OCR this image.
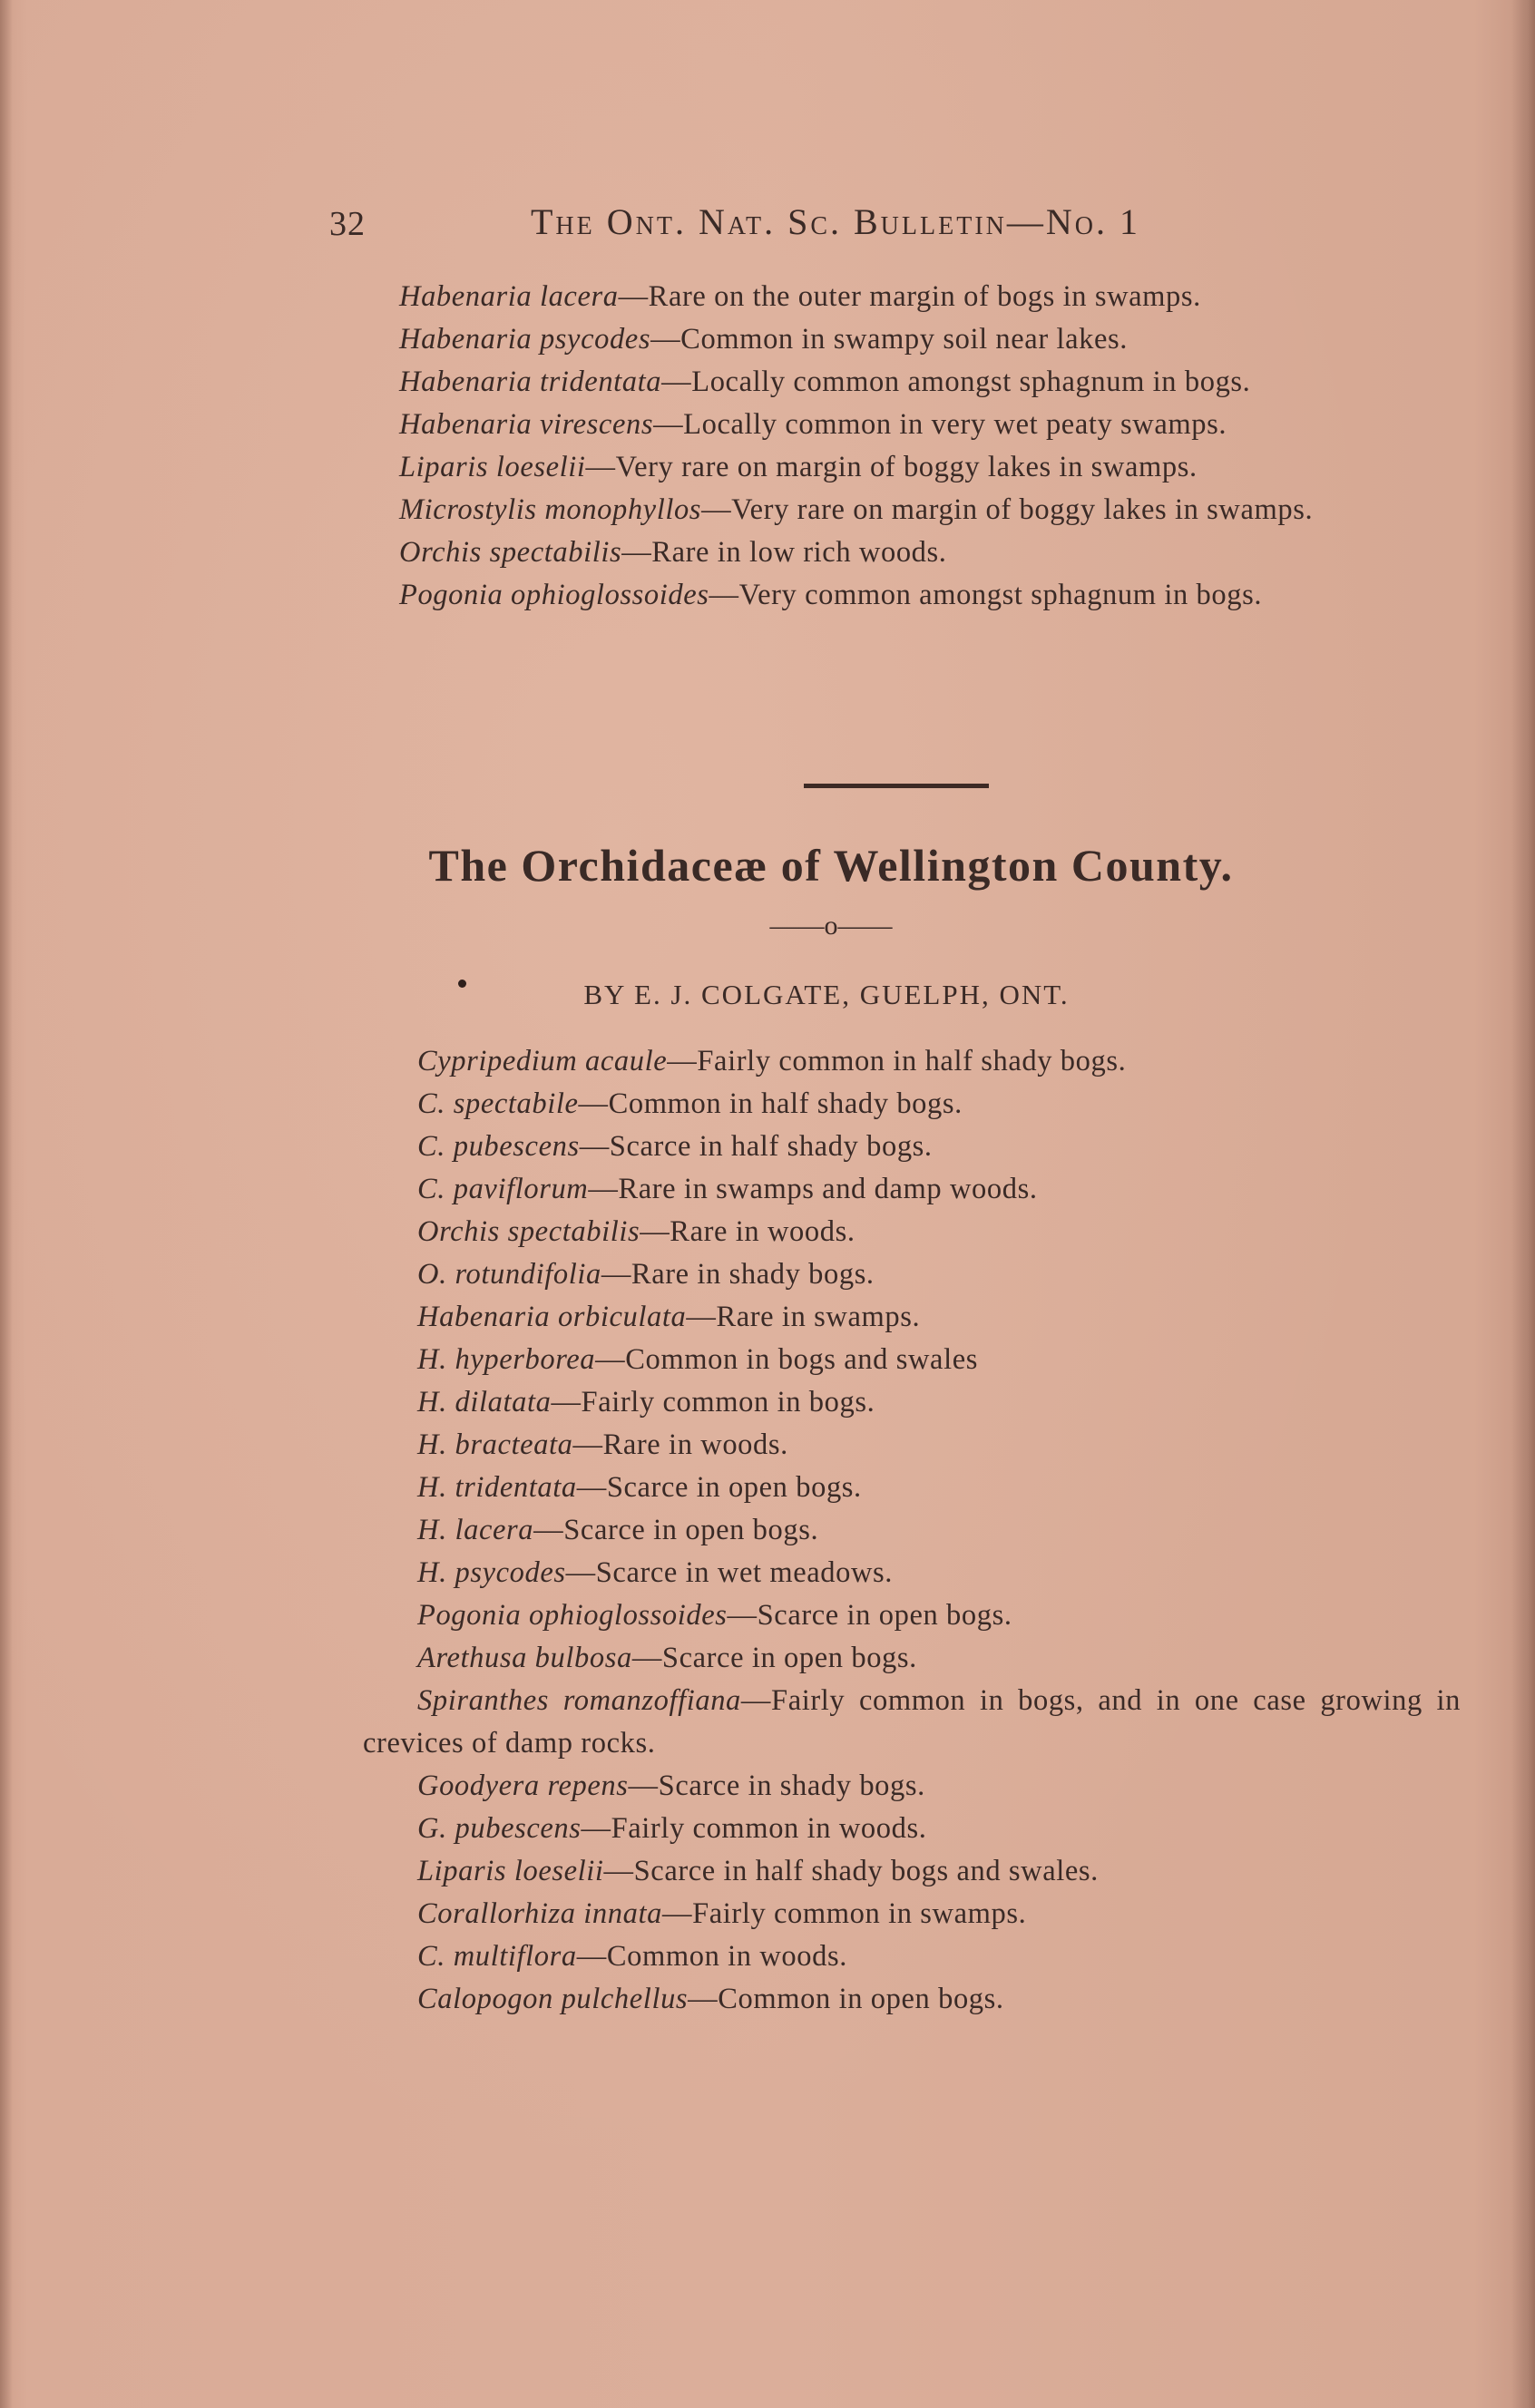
32	The Ont. Nat. Sc. Bulletin—No. 1

Habenaria lacera—Rare on the outer margin of bogs in swamps.

Habenaria psycodes—Common in swampy soil near lakes.

Habenaria tridentata—Locally common amongst sphagnum in bogs.

Habenaria virescens—Locally common in very wet peaty swamps.

Liparis loeselii—Very rare on margin of boggy lakes in swamps.

Microstylis monophyllos—Very rare on margin of boggy lakes in swamps.

Orchis spectabilis—Rare in low rich woods.

Pogonia ophioglossoides—Very common amongst sphagnum in bogs.

The Orchidaceæ of Wellington County.
——o——
BY E. J. COLGATE, GUELPH, ONT.

Cypripedium acaule—Fairly common in half shady bogs.

C. spectabile—Common in half shady bogs.

C. pubescens—Scarce in half shady bogs.

C. paviflorum—Rare in swamps and damp woods.

Orchis spectabilis—Rare in woods.

O. rotundifolia—Rare in shady bogs.

Habenaria orbiculata—Rare in swamps.

H. hyperborea—Common in bogs and swales

H. dilatata—Fairly common in bogs.

H. bracteata—Rare in woods.

H. tridentata—Scarce in open bogs.

H. lacera—Scarce in open bogs.

H. psycodes—Scarce in wet meadows.

Pogonia ophioglossoides—Scarce in open bogs.

Arethusa bulbosa—Scarce in open bogs.

Spiranthes romanzoffiana—Fairly common in bogs, and in one case growing in crevices of damp rocks.

Goodyera repens—Scarce in shady bogs.

G. pubescens—Fairly common in woods.

Liparis loeselii—Scarce in half shady bogs and swales.

Corallorhiza innata—Fairly common in swamps.

C. multiflora—Common in woods.

Calopogon pulchellus—Common in open bogs.
